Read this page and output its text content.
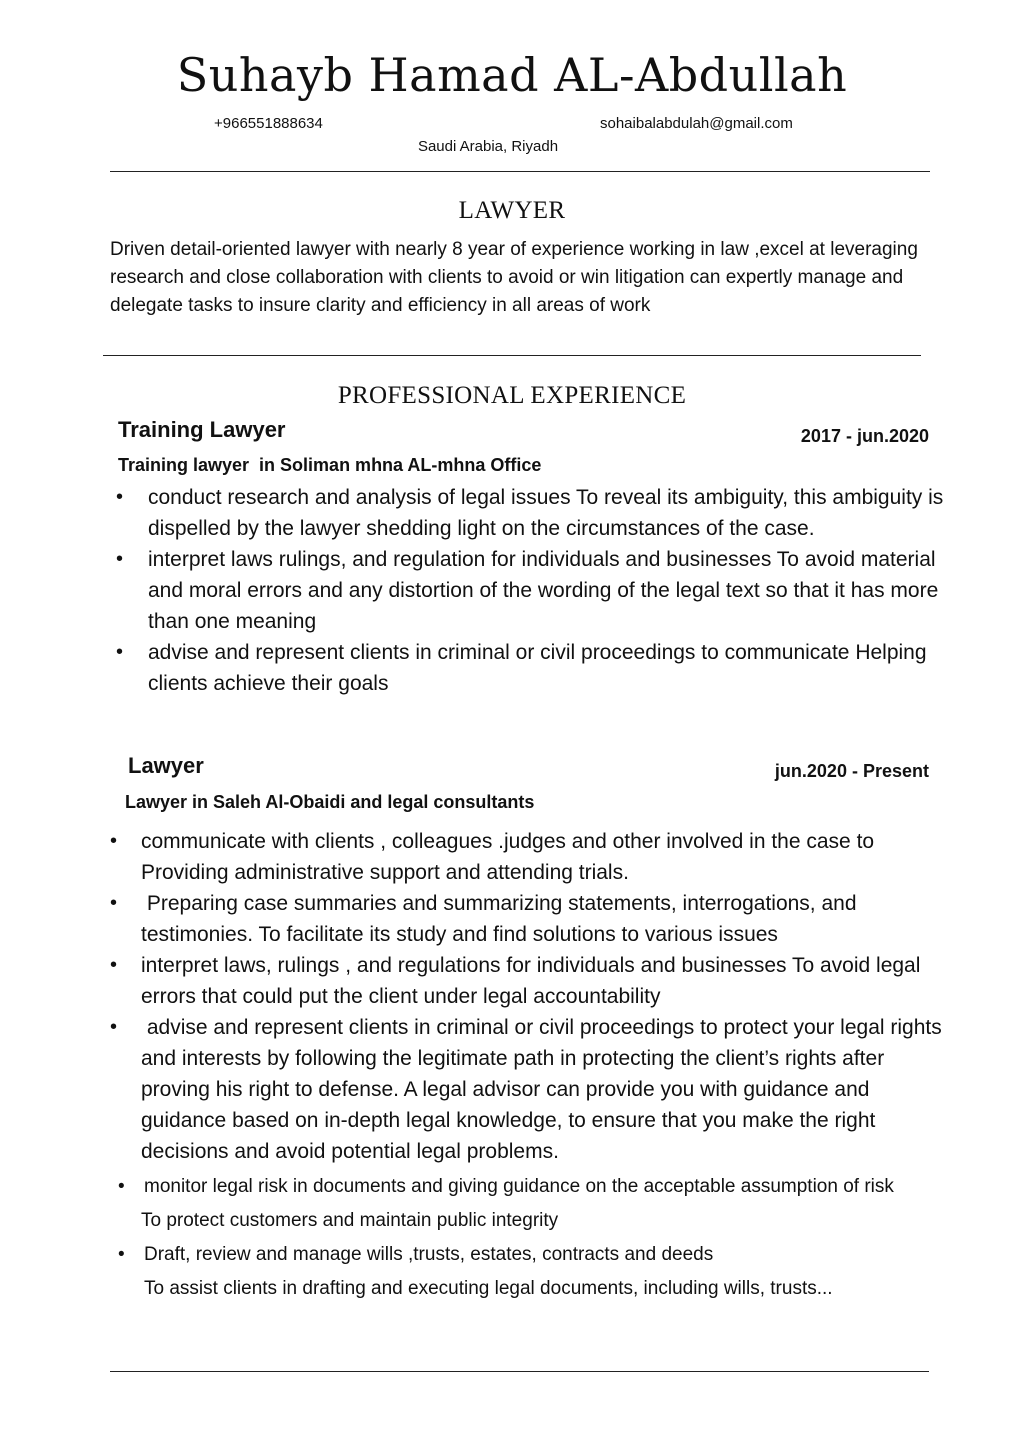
Suhayb Hamad AL-Abdullah
+966551888634	sohaibalabdulah@gmail.com
Saudi Arabia, Riyadh
LAWYER
Driven detail-oriented lawyer with nearly 8 year of experience working in law ,excel at leveraging research and close collaboration with clients to avoid or win litigation can expertly manage and delegate tasks to insure clarity and efficiency in all areas of work
PROFESSIONAL EXPERIENCE
Training Lawyer	2017 - jun.2020
Training lawyer  in Soliman mhna AL-mhna Office
• conduct research and analysis of legal issues To reveal its ambiguity, this ambiguity is dispelled by the lawyer shedding light on the circumstances of the case.
• interpret laws rulings, and regulation for individuals and businesses To avoid material and moral errors and any distortion of the wording of the legal text so that it has more than one meaning
• advise and represent clients in criminal or civil proceedings to communicate Helping clients achieve their goals
Lawyer	jun.2020 - Present
Lawyer in Saleh Al-Obaidi and legal consultants
• communicate with clients , colleagues .judges and other involved in the case to Providing administrative support and attending trials.
•  Preparing case summaries and summarizing statements, interrogations, and testimonies. To facilitate its study and find solutions to various issues
• interpret laws, rulings , and regulations for individuals and businesses To avoid legal errors that could put the client under legal accountability
•  advise and represent clients in criminal or civil proceedings to protect your legal rights and interests by following the legitimate path in protecting the client’s rights after proving his right to defense. A legal advisor can provide you with guidance and guidance based on in-depth legal knowledge, to ensure that you make the right decisions and avoid potential legal problems.
• monitor legal risk in documents and giving guidance on the acceptable assumption of risk
To protect customers and maintain public integrity
• Draft, review and manage wills ,trusts, estates, contracts and deeds
To assist clients in drafting and executing legal documents, including wills, trusts...
